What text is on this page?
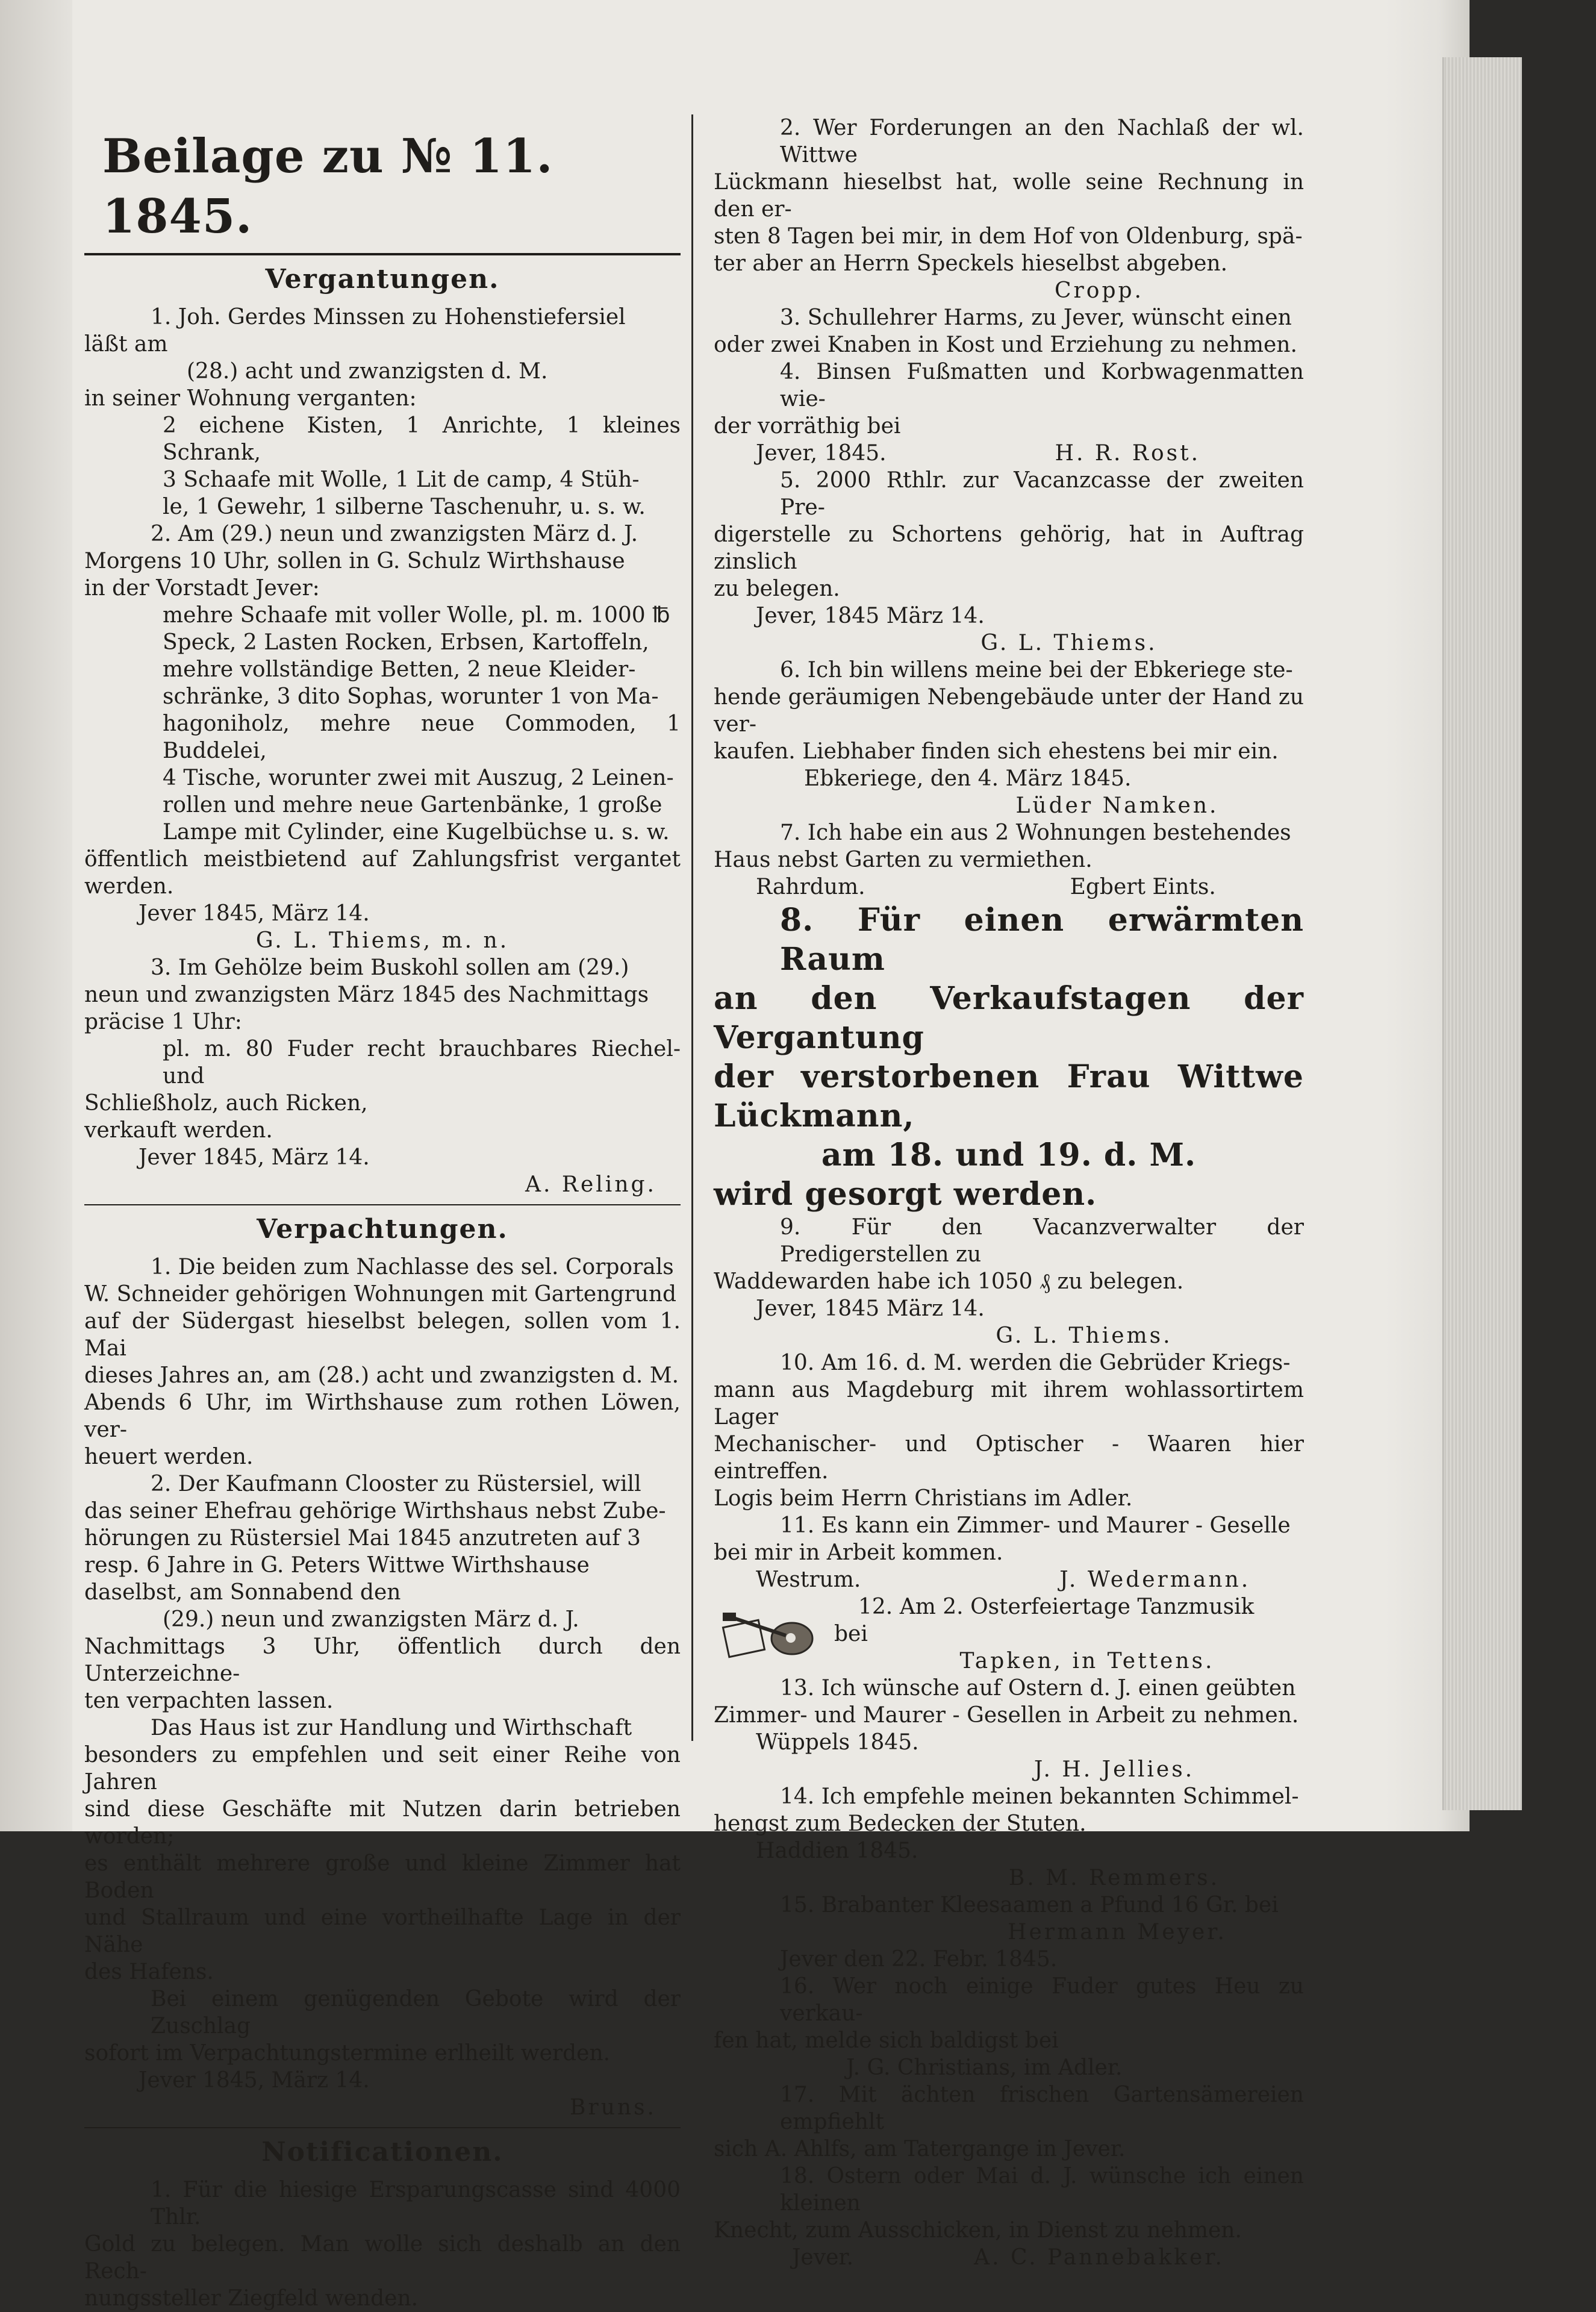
Beilage zu № 11. 1845.
Vergantungen.

1. Joh. Gerdes Minssen zu Hohenstiefersiel

läßt am

(28.) acht und zwanzigsten d. M.

in seiner Wohnung verganten:

2 eichene Kisten, 1 Anrichte, 1 kleines Schrank,

3 Schaafe mit Wolle, 1 Lit de camp, 4 Stüh-

le, 1 Gewehr, 1 silberne Taschenuhr, u. s. w.

2. Am (29.) neun und zwanzigsten März d. J.

Morgens 10 Uhr, sollen in G. Schulz Wirthshause

in der Vorstadt Jever:

mehre Schaafe mit voller Wolle, pl. m. 1000 ℔

Speck, 2 Lasten Rocken, Erbsen, Kartoffeln,

mehre vollständige Betten, 2 neue Kleider-

schränke, 3 dito Sophas, worunter 1 von Ma-

hagoniholz, mehre neue Commoden, 1 Buddelei,

4 Tische, worunter zwei mit Auszug, 2 Leinen-

rollen und mehre neue Gartenbänke, 1 große

Lampe mit Cylinder, eine Kugelbüchse u. s. w.

öffentlich meistbietend auf Zahlungsfrist vergantet werden.

Jever 1845, März 14.

G. L. Thiems, m. n.

3. Im Gehölze beim Buskohl sollen am (29.)

neun und zwanzigsten März 1845 des Nachmittags

präcise 1 Uhr:

pl. m. 80 Fuder recht brauchbares Riechel- und

Schließholz, auch Ricken,

verkauft werden.

Jever 1845, März 14.

A. Reling.

Verpachtungen.

1. Die beiden zum Nachlasse des sel. Corporals

W. Schneider gehörigen Wohnungen mit Gartengrund

auf der Südergast hieselbst belegen, sollen vom 1. Mai

dieses Jahres an, am (28.) acht und zwanzigsten d. M.

Abends 6 Uhr, im Wirthshause zum rothen Löwen, ver-

heuert werden.

2. Der Kaufmann Clooster zu Rüstersiel, will

das seiner Ehefrau gehörige Wirthshaus nebst Zube-

hörungen zu Rüstersiel Mai 1845 anzutreten auf 3

resp. 6 Jahre in G. Peters Wittwe Wirthshause

daselbst, am Sonnabend den

(29.) neun und zwanzigsten März d. J.

Nachmittags 3 Uhr, öffentlich durch den Unterzeichne-

ten verpachten lassen.

Das Haus ist zur Handlung und Wirthschaft

besonders zu empfehlen und seit einer Reihe von Jahren

sind diese Geschäfte mit Nutzen darin betrieben worden;

es enthält mehrere große und kleine Zimmer hat Boden

und Stallraum und eine vortheilhafte Lage in der Nähe

des Hafens.

Bei einem genügenden Gebote wird der Zuschlag

sofort im Verpachtungstermine erlheilt werden.

Jever 1845, März 14.

Bruns.

Notificationen.

1. Für die hiesige Ersparungscasse sind 4000 Thlr.

Gold zu belegen. Man wolle sich deshalb an den Rech-

nungssteller Ziegfeld wenden.

2. Wer Forderungen an den Nachlaß der wl. Wittwe

Lückmann hieselbst hat, wolle seine Rechnung in den er-

sten 8 Tagen bei mir, in dem Hof von Oldenburg, spä-

ter aber an Herrn Speckels hieselbst abgeben.

Cropp.

3. Schullehrer Harms, zu Jever, wünscht einen

oder zwei Knaben in Kost und Erziehung zu nehmen.

4. Binsen Fußmatten und Korbwagenmatten wie-

der vorräthig bei

Jever, 1845.	H. R. Rost.

5. 2000 Rthlr. zur Vacanzcasse der zweiten Pre-

digerstelle zu Schortens gehörig, hat in Auftrag zinslich

zu belegen.

Jever, 1845 März 14.

G. L. Thiems.

6. Ich bin willens meine bei der Ebkeriege ste-

hende geräumigen Nebengebäude unter der Hand zu ver-

kaufen. Liebhaber finden sich ehestens bei mir ein.

Ebkeriege, den 4. März 1845.

Lüder Namken.

7. Ich habe ein aus 2 Wohnungen bestehendes

Haus nebst Garten zu vermiethen.

Rahrdum.	Egbert Eints.

8. Für einen erwärmten Raum

an den Verkaufstagen der Vergantung

der verstorbenen Frau Wittwe Lückmann,

am 18. und 19. d. M.

wird gesorgt werden.

9. Für den Vacanzverwalter der Predigerstellen zu

Waddewarden habe ich 1050 ₰ zu belegen.

Jever, 1845 März 14.

G. L. Thiems.

10. Am 16. d. M. werden die Gebrüder Kriegs-

mann aus Magdeburg mit ihrem wohlassortirtem Lager

Mechanischer- und Optischer - Waaren hier eintreffen.

Logis beim Herrn Christians im Adler.

11. Es kann ein Zimmer- und Maurer - Geselle

bei mir in Arbeit kommen.

Westrum.	J. Wedermann.

12. Am 2. Osterfeiertage Tanzmusik

bei

Tapken, in Tettens.

13. Ich wünsche auf Ostern d. J. einen geübten

Zimmer- und Maurer - Gesellen in Arbeit zu nehmen.

Wüppels 1845.

J. H. Jellies.

14. Ich empfehle meinen bekannten Schimmel-

hengst zum Bedecken der Stuten.

Haddien 1845.

B. M. Remmers.

15. Brabanter Kleesaamen a Pfund 16 Gr. bei

Hermann Meyer.

Jever den 22. Febr. 1845.

16. Wer noch einige Fuder gutes Heu zu verkau-

fen hat, melde sich baldigst bei

J. G. Christians, im Adler.

17. Mit ächten frischen Gartensämereien empfiehlt

sich A. Ahlfs, am Tatergange in Jever.

18. Ostern oder Mai d. J. wünsche ich einen kleinen

Knecht, zum Ausschicken, in Dienst zu nehmen.

Jever.	A. C. Pannebakker.
